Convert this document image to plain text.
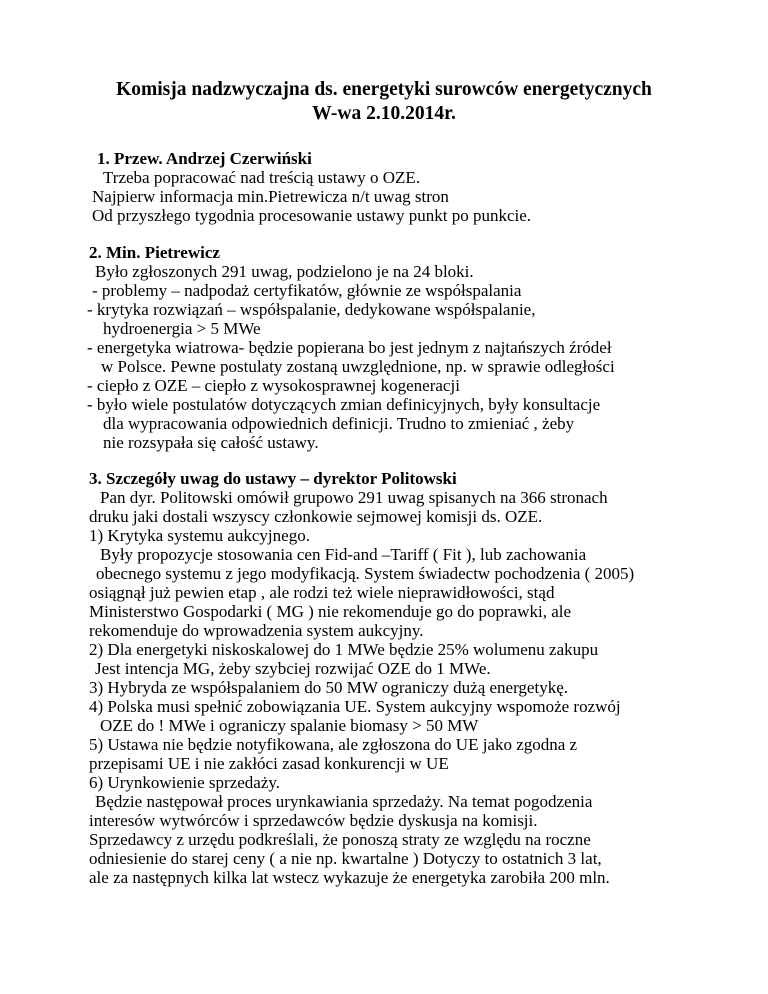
Komisja nadzwyczajna ds. energetyki surowców energetycznych
W-wa 2.10.2014r.
1. Przew. Andrzej Czerwiński
Trzeba popracować nad treścią ustawy o OZE.
Najpierw informacja min.Pietrewicza n/t uwag stron
Od przyszłego tygodnia procesowanie ustawy punkt po punkcie.
2. Min. Pietrewicz
Było zgłoszonych 291 uwag, podzielono je na 24 bloki.
- problemy – nadpodaż certyfikatów, głównie ze współspalania
- krytyka rozwiązań – współspalanie, dedykowane współspalanie,
hydroenergia > 5 MWe
- energetyka wiatrowa- będzie popierana bo jest jednym z najtańszych źródeł
w Polsce. Pewne postulaty zostaną uwzględnione, np. w sprawie odległości
- ciepło z OZE – ciepło z wysokosprawnej kogeneracji
- było wiele postulatów dotyczących zmian definicyjnych, były konsultacje
dla wypracowania odpowiednich definicji. Trudno to zmieniać , żeby
nie rozsypała się całość ustawy.
3. Szczegóły uwag do ustawy – dyrektor Politowski
Pan dyr. Politowski omówił grupowo 291 uwag spisanych na 366 stronach
druku jaki dostali wszyscy członkowie sejmowej komisji ds. OZE.
1) Krytyka systemu aukcyjnego.
Były propozycje stosowania cen Fid-and –Tariff ( Fit ), lub zachowania
obecnego systemu z jego modyfikacją. System świadectw pochodzenia ( 2005)
osiągnął już pewien etap , ale rodzi też wiele nieprawidłowości, stąd
Ministerstwo Gospodarki ( MG ) nie rekomenduje go do poprawki, ale
rekomenduje do wprowadzenia system aukcyjny.
2) Dla energetyki niskoskalowej do 1 MWe będzie 25% wolumenu zakupu
Jest intencja MG, żeby szybciej rozwijać OZE do 1 MWe.
3) Hybryda ze współspalaniem do 50 MW ograniczy dużą energetykę.
4) Polska musi spełnić zobowiązania UE. System aukcyjny wspomoże rozwój
OZE do ! MWe i ograniczy spalanie biomasy > 50 MW
5) Ustawa nie będzie notyfikowana, ale zgłoszona do UE jako zgodna z
przepisami UE i nie zakłóci zasad konkurencji w UE
6) Urynkowienie sprzedaży.
Będzie następował proces urynkawiania sprzedaży. Na temat pogodzenia
interesów wytwórców i sprzedawców będzie dyskusja na komisji.
Sprzedawcy z urzędu podkreślali, że ponoszą straty ze względu na roczne
odniesienie do starej ceny ( a nie np. kwartalne ) Dotyczy to ostatnich 3 lat,
ale za następnych kilka lat wstecz wykazuje że energetyka zarobiła 200 mln.
